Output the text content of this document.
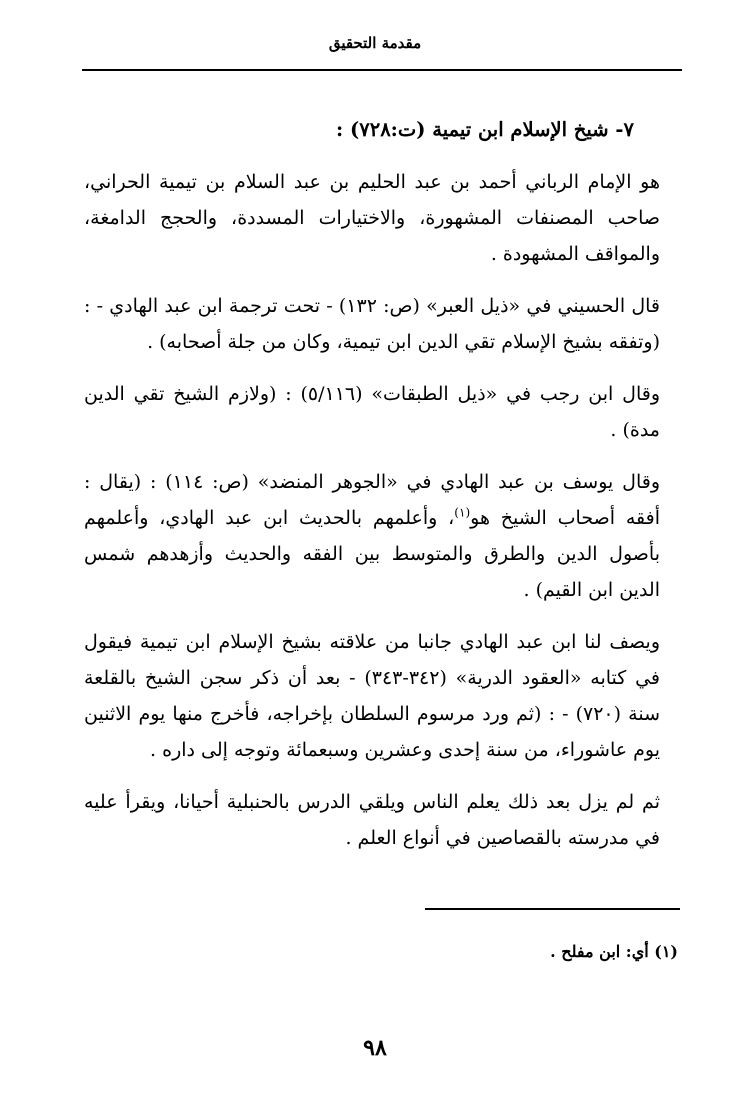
مقدمة التحقيق

٧- شيخ الإسلام ابن تيمية (ت:٧٢٨) :

هو الإمام الرباني أحمد بن عبد الحليم بن عبد السلام بن تيمية الحراني، صاحب المصنفات المشهورة، والاختيارات المسددة، والحجج الدامغة، والمواقف المشهودة .

قال الحسيني في «ذيل العبر» (ص: ١٣٢) - تحت ترجمة ابن عبد الهادي - : (وتفقه بشيخ الإسلام تقي الدين ابن تيمية، وكان من جلة أصحابه) .

وقال ابن رجب في «ذيل الطبقات» (٥/١١٦) : (ولازم الشيخ تقي الدين مدة) .

وقال يوسف بن عبد الهادي في «الجوهر المنضد» (ص: ١١٤) : (يقال : أفقه أصحاب الشيخ هو$^{(١)}$، وأعلمهم بالحديث ابن عبد الهادي، وأعلمهم بأصول الدين والطرق والمتوسط بين الفقه والحديث وأزهدهم شمس الدين ابن القيم) .

ويصف لنا ابن عبد الهادي جانبا من علاقته بشيخ الإسلام ابن تيمية فيقول في كتابه «العقود الدرية» (٣٤٢-٣٤٣) - بعد أن ذكر سجن الشيخ بالقلعة سنة (٧٢٠) - : (ثم ورد مرسوم السلطان بإخراجه، فأخرج منها يوم الاثنين يوم عاشوراء، من سنة إحدى وعشرين وسبعمائة وتوجه إلى داره .

ثم لم يزل بعد ذلك يعلم الناس ويلقي الدرس بالحنبلية أحيانا، ويقرأ عليه في مدرسته بالقصاصين في أنواع العلم .

(١) أي: ابن مفلح .
٩٨
